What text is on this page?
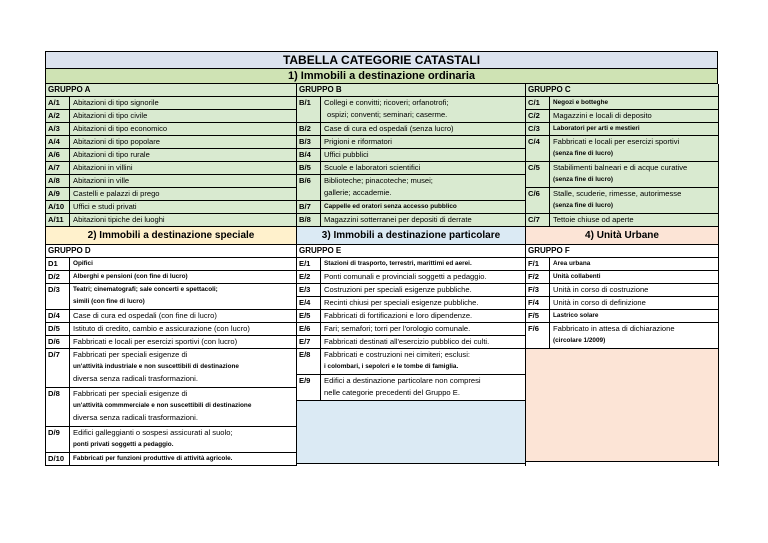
TABELLA CATEGORIE CATASTALI
1) Immobili a destinazione ordinaria
GRUPPO A
A/1	Abitazioni di tipo signorile
A/2	Abitazioni di tipo civile
A/3	Abitazioni di tipo economico
A/4	Abitazioni di tipo popolare
A/6	Abitazioni di tipo rurale
A/7	Abitazioni in villini
A/8	Abitazioni in ville
A/9	Castelli e palazzi di prego
A/10	Uffici e studi privati
A/11	Abitazioni tipiche dei luoghi
GRUPPO B
B/1	Collegi e convitti; ricoveri; orfanotrofi;
ospizi; conventi; seminari; caserme.
B/2	Case di cura ed ospedali (senza lucro)
B/3	Prigioni e riformatori
B/4	Uffici pubblici
B/5	Scuole e laboratori scientifici
B/6	Biblioteche; pinacoteche; musei;
gallerie; accademie.
B/7	Cappelle ed oratori senza accesso pubblico
B/8	Magazzini sotterranei per depositi di derrate
GRUPPO C
C/1	Negozi e botteghe
C/2	Magazzini e locali di deposito
C/3	Laboratori per arti e mestieri
C/4	Fabbricati e locali per esercizi sportivi
(senza fine di lucro)
C/5	Stabilimenti balneari e di acque curative
(senza fine di lucro)
C/6	Stalle, scuderie, rimesse, autorimesse
(senza fine di lucro)
C/7	Tettoie chiuse od aperte
2) Immobili a destinazione speciale
GRUPPO D
D1	Opifici
D/2	Alberghi e pensioni (con fine di lucro)
D/3	Teatri; cinematografi; sale concerti e spettacoli;
simili (con fine di lucro)
D/4	Case di cura ed ospedali (con fine di lucro)
D/5	Istituto di credito, cambio e assicurazione (con lucro)
D/6	Fabbricati e locali per esercizi sportivi (con lucro)
D/7	Fabbricati per speciali esigenze di
un'attività industriale e non suscettibili di destinazione
diversa senza radicali trasformazioni.
D/8	Fabbricati per speciali esigenze di
un'attività commmerciale e non suscettibili di destinazione
diversa senza radicali trasformazioni.
D/9	Edifici galleggianti o sospesi assicurati al suolo;
ponti privati soggetti a pedaggio.
D/10	Fabbricati per funzioni produttive di attività agricole.
3) Immobili a destinazione particolare
GRUPPO E
E/1	Stazioni di trasporto, terrestri, marittimi ed aerei.
E/2	Ponti comunali e provinciali soggetti a pedaggio.
E/3	Costruzioni per speciali esigenze pubbliche.
E/4	Recinti chiusi per speciali esigenze pubbliche.
E/5	Fabbricati di fortificazioni e loro dipendenze.
E/6	Fari; semafori; torri per l'orologio comunale.
E/7	Fabbricati destinati all'esercizio pubblico dei culti.
E/8	Fabbricati e costruzioni nei cimiteri; esclusi:
i colombari, i sepolcri e le tombe di famiglia.
E/9	Edifici a destinazione particolare non compresi
nelle categorie precedenti del Gruppo E.
4) Unità Urbane
GRUPPO F
F/1	Area urbana
F/2	Unità collabenti
F/3	Unità in corso di costruzione
F/4	Unità in corso di definizione
F/5	Lastrico solare
F/6	Fabbricato in attesa di dichiarazione
(circolare 1/2009)
